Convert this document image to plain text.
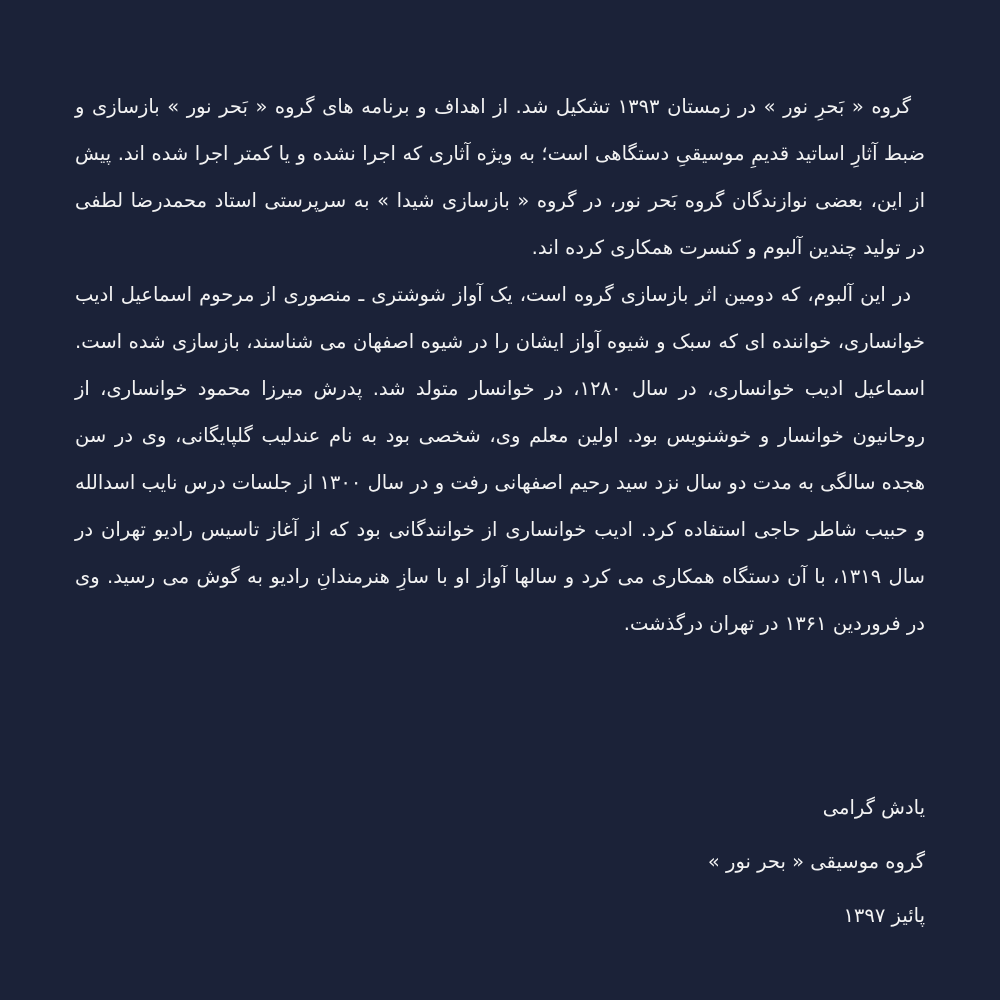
گروه « بَحرِ نور » در زمستان ۱۳۹۳ تشکیل شد. از اهداف و برنامه های گروه « بَحر نور » بازسازی و ضبط آثارِ اساتید قدیمِ موسیقیِ دستگاهی است؛ به ویژه آثاری که اجرا نشده و یا کمتر اجرا شده اند. پیش از این، بعضی نوازندگان گروه بَحر نور، در گروه « بازسازی شیدا » به سرپرستی استاد محمدرضا لطفی در تولید چندین آلبوم و کنسرت همکاری کرده اند.

در این آلبوم، که دومین اثر بازسازی گروه است، یک آواز شوشتری ـ منصوری از مرحوم اسماعیل ادیب خوانساری، خواننده ای که سبک و شیوه آواز ایشان را در شیوه اصفهان می شناسند، بازسازی شده است. اسماعیل ادیب خوانساری، در سال ۱۲۸۰، در خوانسار متولد شد. پدرش میرزا محمود خوانساری، از روحانیون خوانسار و خوشنویس بود. اولین معلم وی، شخصی بود به نام عندلیب گلپایگانی، وی در سن هجده سالگی به مدت دو سال نزد سید رحیم اصفهانی رفت و در سال ۱۳۰۰ از جلسات درس نایب اسدالله و حبیب شاطر حاجی استفاده کرد. ادیب خوانساری از خوانندگانی بود که از آغاز تاسیس رادیو تهران در سال ۱۳۱۹، با آن دستگاه همکاری می کرد و سالها آواز او با سازِ هنرمندانِ رادیو به گوش می رسید. وی در فروردین ۱۳۶۱ در تهران درگذشت.

یادش گرامی
گروه موسیقی « بحر نور »
پائیز ۱۳۹۷
